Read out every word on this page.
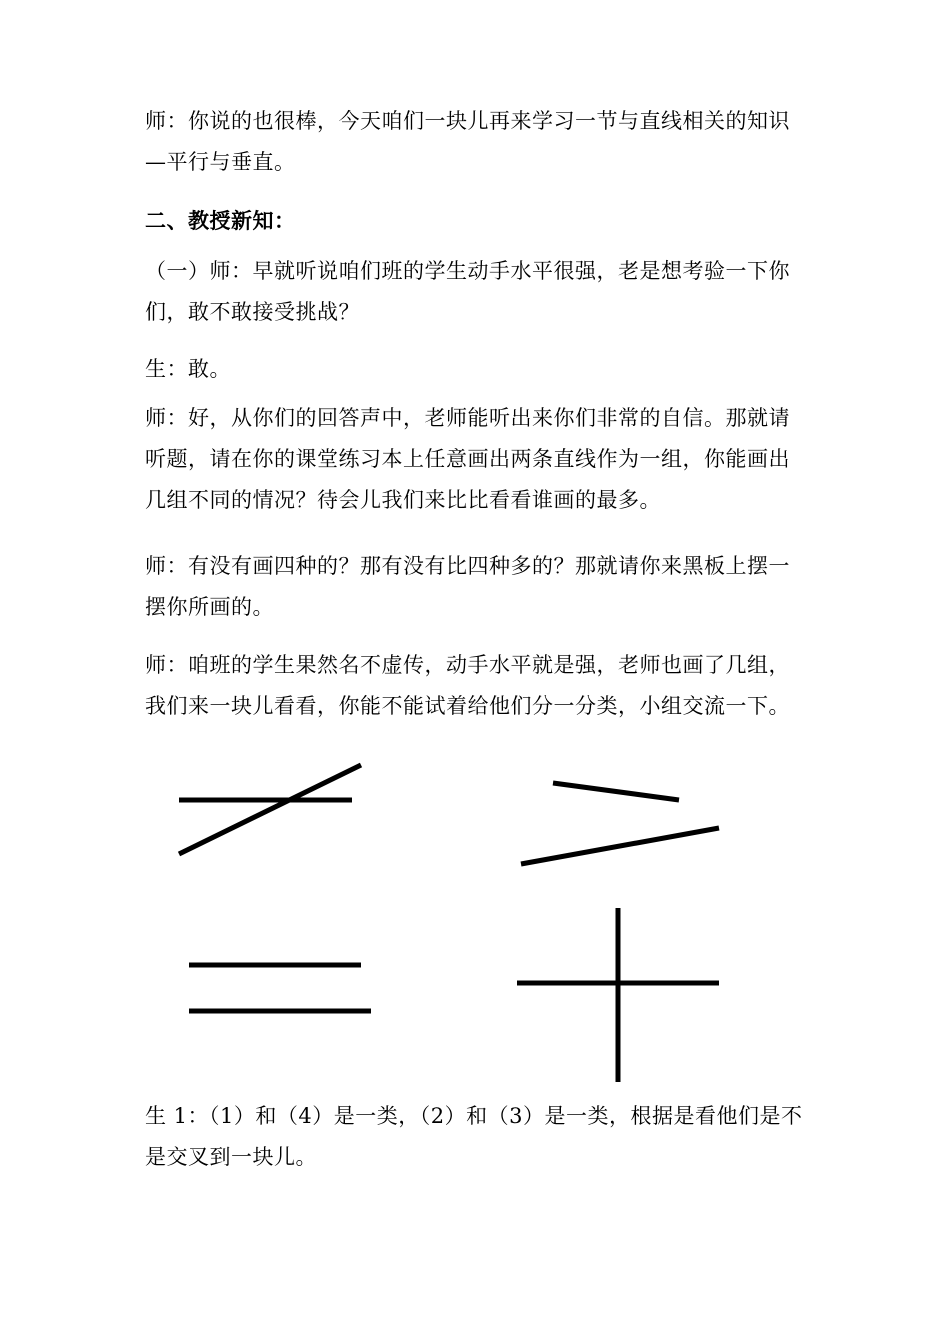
师：你说的也很棒，今天咱们一块儿再来学习一节与直线相关的知识
—平行与垂直。
二、教授新知：
（一）师：早就听说咱们班的学生动手水平很强，老是想考验一下你
们，敢不敢接受挑战？
生：敢。
师：好，从你们的回答声中，老师能听出来你们非常的自信。那就请
听题，请在你的课堂练习本上任意画出两条直线作为一组，你能画出
几组不同的情况？待会儿我们来比比看看谁画的最多。
师：有没有画四种的？那有没有比四种多的？那就请你来黑板上摆一
摆你所画的。
师：咱班的学生果然名不虚传，动手水平就是强，老师也画了几组，
我们来一块儿看看，你能不能试着给他们分一分类，小组交流一下。
生 1：（1）和（4）是一类，（2）和（3）是一类，根据是看他们是不
是交叉到一块儿。
